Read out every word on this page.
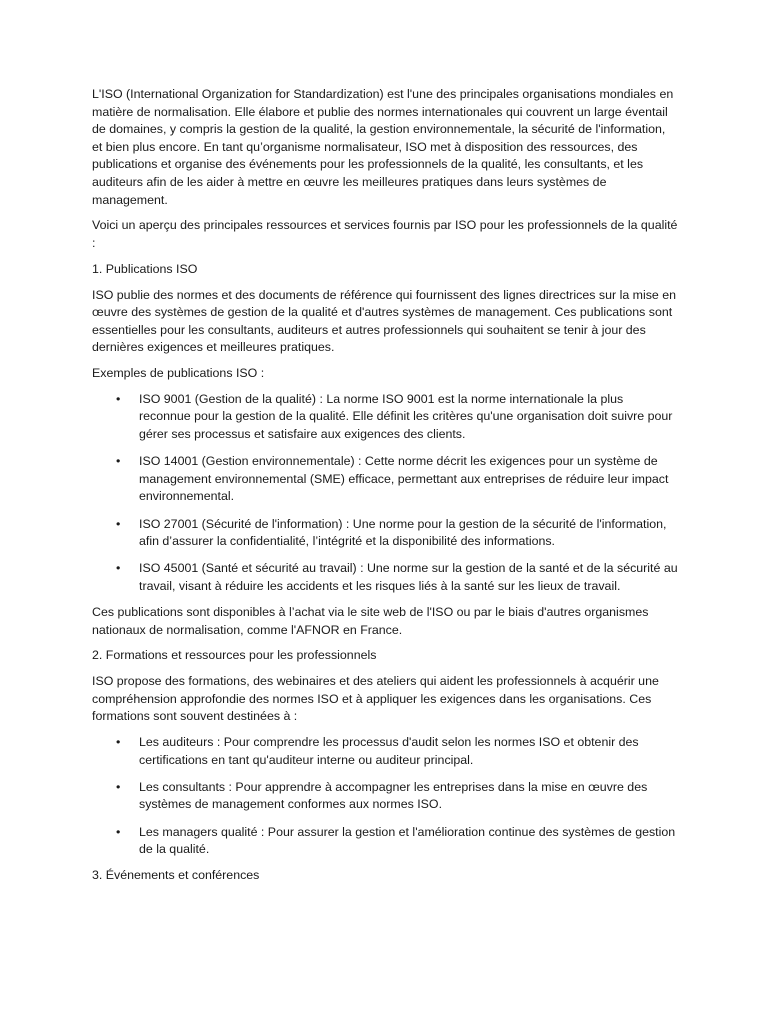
L'ISO (International Organization for Standardization) est l'une des principales organisations mondiales en matière de normalisation. Elle élabore et publie des normes internationales qui couvrent un large éventail de domaines, y compris la gestion de la qualité, la gestion environnementale, la sécurité de l'information, et bien plus encore. En tant qu’organisme normalisateur, ISO met à disposition des ressources, des publications et organise des événements pour les professionnels de la qualité, les consultants, et les auditeurs afin de les aider à mettre en œuvre les meilleures pratiques dans leurs systèmes de management.

Voici un aperçu des principales ressources et services fournis par ISO pour les professionnels de la qualité :

1. Publications ISO

ISO publie des normes et des documents de référence qui fournissent des lignes directrices sur la mise en œuvre des systèmes de gestion de la qualité et d'autres systèmes de management. Ces publications sont essentielles pour les consultants, auditeurs et autres professionnels qui souhaitent se tenir à jour des dernières exigences et meilleures pratiques.

Exemples de publications ISO :

• ISO 9001 (Gestion de la qualité) : La norme ISO 9001 est la norme internationale la plus reconnue pour la gestion de la qualité. Elle définit les critères qu'une organisation doit suivre pour gérer ses processus et satisfaire aux exigences des clients.
• ISO 14001 (Gestion environnementale) : Cette norme décrit les exigences pour un système de management environnemental (SME) efficace, permettant aux entreprises de réduire leur impact environnemental.
• ISO 27001 (Sécurité de l'information) : Une norme pour la gestion de la sécurité de l'information, afin d’assurer la confidentialité, l’intégrité et la disponibilité des informations.
• ISO 45001 (Santé et sécurité au travail) : Une norme sur la gestion de la santé et de la sécurité au travail, visant à réduire les accidents et les risques liés à la santé sur les lieux de travail.

Ces publications sont disponibles à l’achat via le site web de l'ISO ou par le biais d'autres organismes nationaux de normalisation, comme l'AFNOR en France.

2. Formations et ressources pour les professionnels

ISO propose des formations, des webinaires et des ateliers qui aident les professionnels à acquérir une compréhension approfondie des normes ISO et à appliquer les exigences dans les organisations. Ces formations sont souvent destinées à :

• Les auditeurs : Pour comprendre les processus d'audit selon les normes ISO et obtenir des certifications en tant qu'auditeur interne ou auditeur principal.
• Les consultants : Pour apprendre à accompagner les entreprises dans la mise en œuvre des systèmes de management conformes aux normes ISO.
• Les managers qualité : Pour assurer la gestion et l'amélioration continue des systèmes de gestion de la qualité.

3. Événements et conférences
